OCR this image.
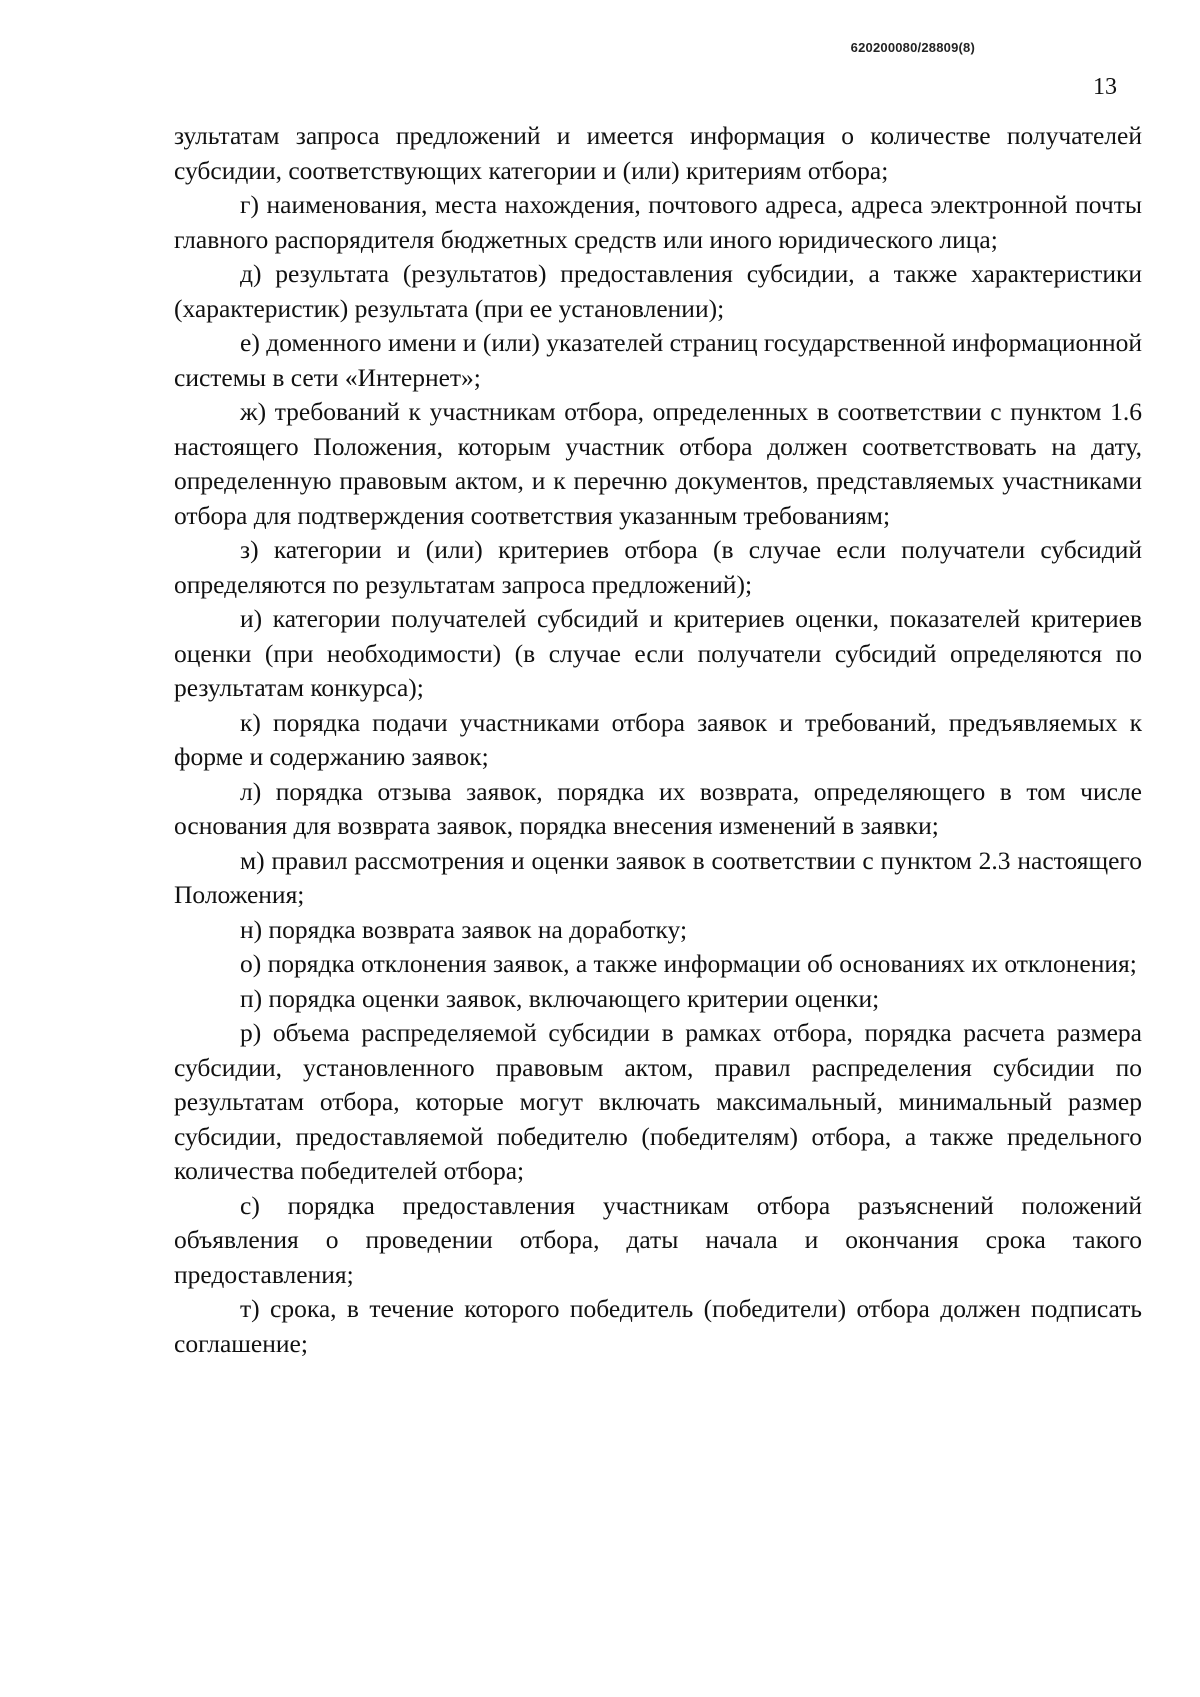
620200080/28809(8)
13

зультатам запроса предложений и имеется информация о количестве получателей субсидии, соответствующих категории и (или) критериям отбора;

г) наименования, места нахождения, почтового адреса, адреса электронной почты главного распорядителя бюджетных средств или иного юридического лица;

д) результата (результатов) предоставления субсидии, а также характеристики (характеристик) результата (при ее установлении);

е) доменного имени и (или) указателей страниц государственной информационной системы в сети «Интернет»;

ж) требований к участникам отбора, определенных в соответствии с пунктом 1.6 настоящего Положения, которым участник отбора должен соответствовать на дату, определенную правовым актом, и к перечню документов, представляемых участниками отбора для подтверждения соответствия указанным требованиям;

з) категории и (или) критериев отбора (в случае если получатели субсидий определяются по результатам запроса предложений);

и) категории получателей субсидий и критериев оценки, показателей критериев оценки (при необходимости) (в случае если получатели субсидий определяются по результатам конкурса);

к) порядка подачи участниками отбора заявок и требований, предъявляемых к форме и содержанию заявок;

л) порядка отзыва заявок, порядка их возврата, определяющего в том числе основания для возврата заявок, порядка внесения изменений в заявки;

м) правил рассмотрения и оценки заявок в соответствии с пунктом 2.3 настоящего Положения;

н) порядка возврата заявок на доработку;

о) порядка отклонения заявок, а также информации об основаниях их отклонения;

п) порядка оценки заявок, включающего критерии оценки;

р) объема распределяемой субсидии в рамках отбора, порядка расчета размера субсидии, установленного правовым актом, правил распределения субсидии по результатам отбора, которые могут включать максимальный, минимальный размер субсидии, предоставляемой победителю (победителям) отбора, а также предельного количества победителей отбора;

с) порядка предоставления участникам отбора разъяснений положений объявления о проведении отбора, даты начала и окончания срока такого предоставления;

т) срока, в течение которого победитель (победители) отбора должен подписать соглашение;
